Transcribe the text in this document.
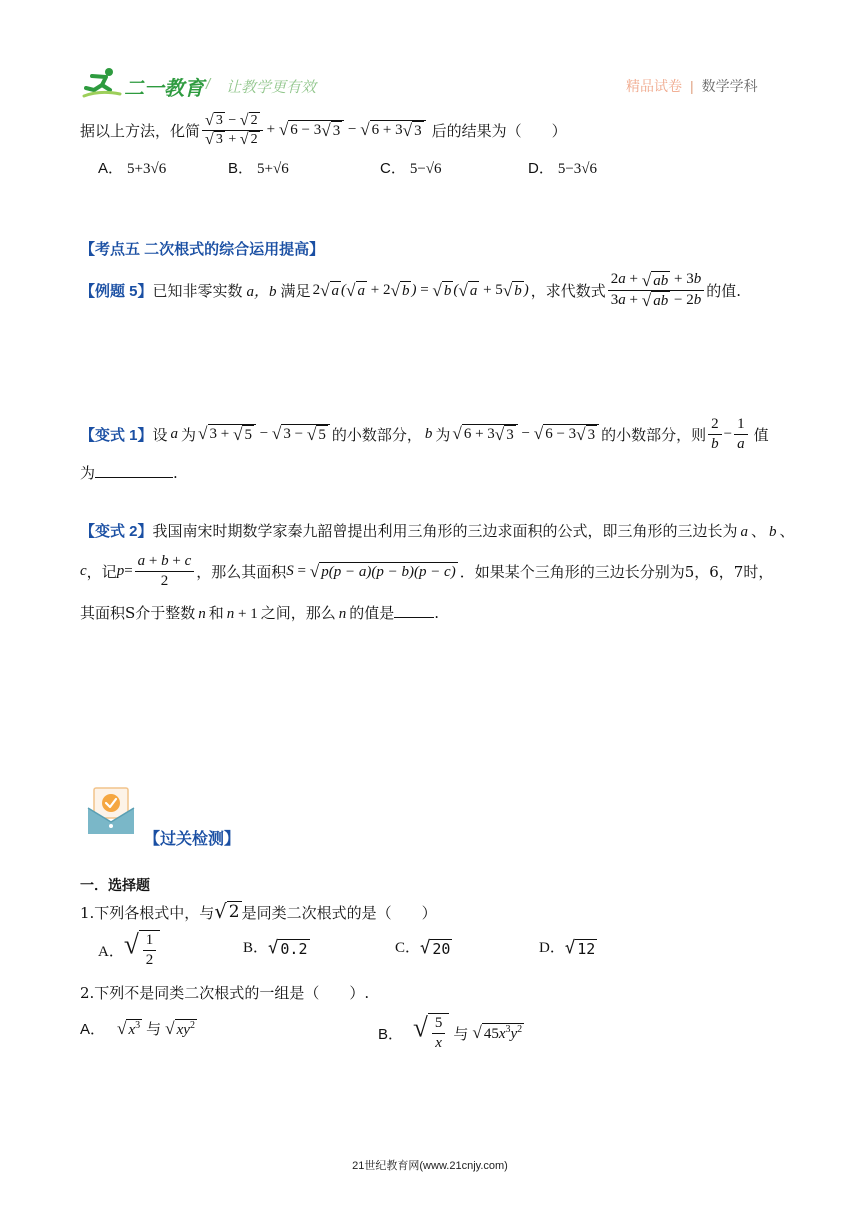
二一教育 / 让教学更有效	精品试卷 | 数学学科
据以上方法，化简 $\frac{√ 3 - √ 2}{√ 3 + √ 2}$ + √ 6 − 3 √ 3 − √ 6 + 3 √ 3 后的结果为（　　）
A． 5+3√6	B． 5+√6	C． 5−√6	D． 5−3√6
【考点五 二次根式的综合运用提高】
【例题 5】 已知非零实数 a，b 满足 2 √ a ( √ a + 2 √ b ) = √ b ( √ a + 5 √ b ) ，求代数式 $\frac{2a + √ ab + 3b}{3a + √ ab - 2b}$ 的值.
【变式 1】 设 a 为 √ 3 + √ 5 − √ 3 − √ 5 的小数部分， b 为 √ 6 + 3 √ 3 − √ 6 − 3 √ 3 的小数部分，则 $\frac{2}{b} - \frac{1}{a}$ 值
为	.
【变式 2】我国南宋时期数学家秦九韶曾提出利用三角形的三边求面积的公式，即三角形的三边长为 a 、 b 、
c ，记 $p = \frac{a + b + c}{2}$ ，那么其面积 S = √ p(p − a)(p − b)(p − c) ．如果某个三角形的三边长分别为5，6，7时，
其面积S介于整数 n 和 n + 1 之间，那么 n 的值是	.
【过关检测】
一．选择题
1.下列各根式中，与 √ 2 是同类二次根式的是（　　）
A． √ $\frac{1}{2}$	B． √ 0.2	C． √ 20	D． √ 12
2.下列不是同类二次根式的一组是（　　）.
A． √ $x^3$ 与 √ $xy^2$
B． √ $\frac{5}{x}$ 与 √ $45x^3y^2$
21世纪教育网(www.21cnjy.com)
